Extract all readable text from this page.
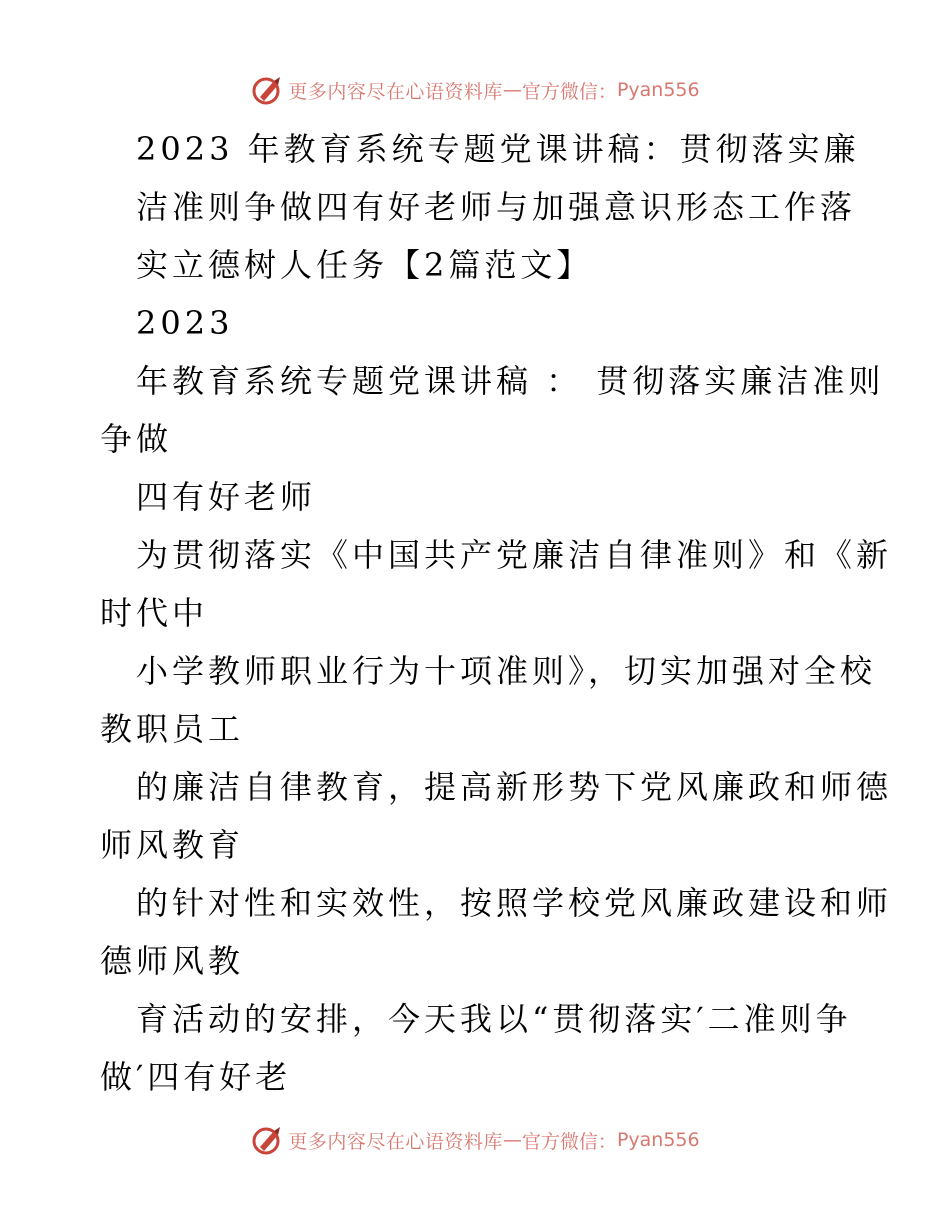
更多内容尽在心语资料库 — 官方微信： Pyan556
2023 年教育系统专题党课讲稿：贯彻落实廉
洁准则争做四有好老师与加强意识形态工作落
实立德树人任务【2篇范文】
2023
年教育系统专题党课讲稿 ： 贯彻落实廉洁准则
争做
四有好老师
为贯彻落实《中国共产党廉洁自律准则》和《新
时代中
小学教师职业行为十项准则》，切实加强对全校
教职员工
的廉洁自律教育，提高新形势下党风廉政和师德
师风教育
的针对性和实效性，按照学校党风廉政建设和师
德师风教
育活动的安排，今天我以“贯彻落实′二准则争
做′四有好老
更多内容尽在心语资料库 — 官方微信： Pyan556
